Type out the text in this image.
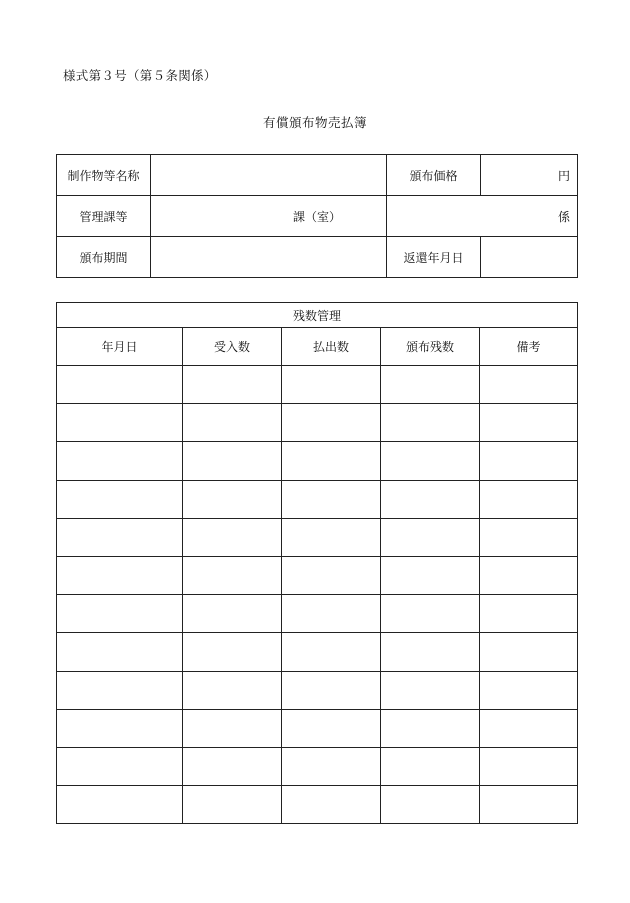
様式第３号（第５条関係）
有償頒布物売払簿
制作物等名称		頒布価格	円
管理課等	課（室）	係	
頒布期間		返還年月日	
残数管理				
年月日	受入数	払出数	頒布残数	備考
